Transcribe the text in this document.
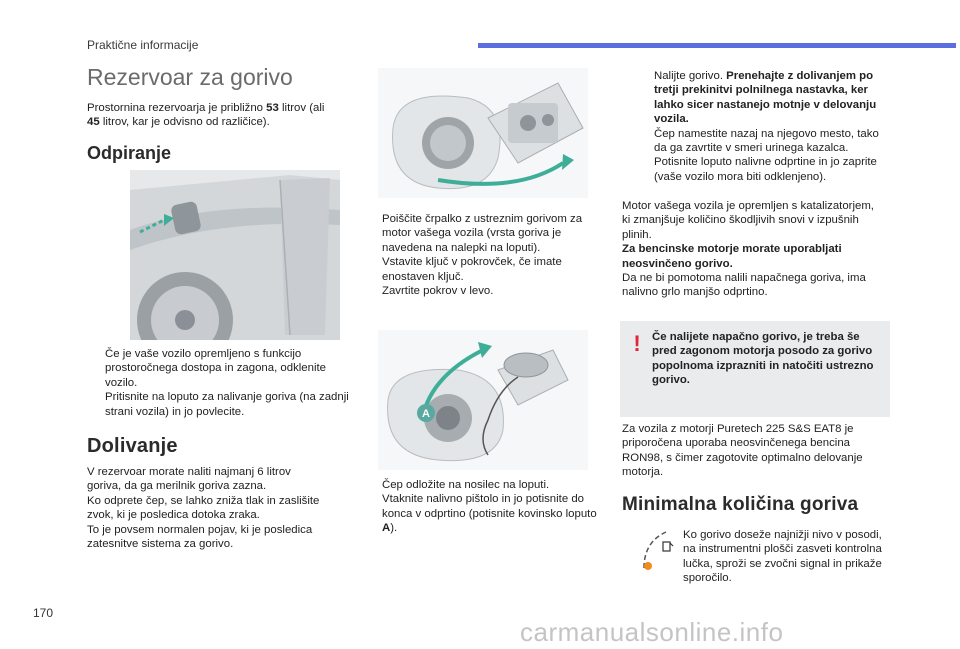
Praktične informacije
Rezervoar za gorivo
Prostornina rezervoarja je približno 53 litrov (ali
45 litrov, kar je odvisno od različice).
Odpiranje
Če je vaše vozilo opremljeno s funkcijo prostoročnega dostopa in zagona, odklenite vozilo.
Pritisnite na loputo za nalivanje goriva (na zadnji strani vozila) in jo povlecite.
Dolivanje
V rezervoar morate naliti najmanj 6 litrov goriva, da ga merilnik goriva zazna.
Ko odprete čep, se lahko zniža tlak in zaslišite zvok, ki je posledica dotoka zraka.
To je povsem normalen pojav, ki je posledica zatesnitve sistema za gorivo.
Poiščite črpalko z ustreznim gorivom za motor vašega vozila (vrsta goriva je navedena na nalepki na loputi).
Vstavite ključ v pokrovček, če imate enostaven ključ.
Zavrtite pokrov v levo.
A
Čep odložite na nosilec na loputi.
Vtaknite nalivno pištolo in jo potisnite do konca v odprtino (potisnite kovinsko loputo A).
Nalijte gorivo. Prenehajte z dolivanjem po tretji prekinitvi polnilnega nastavka, ker lahko sicer nastanejo motnje v delovanju vozila.
Čep namestite nazaj na njegovo mesto, tako da ga zavrtite v smeri urinega kazalca.
Potisnite loputo nalivne odprtine in jo zaprite (vaše vozilo mora biti odklenjeno).
Motor vašega vozila je opremljen s katalizatorjem, ki zmanjšuje količino škodljivih snovi v izpušnih plinih.
Za bencinske motorje morate uporabljati neosvinčeno gorivo.
Da ne bi pomotoma nalili napačnega goriva, ima nalivno grlo manjšo odprtino.
! Če nalijete napačno gorivo, je treba še pred zagonom motorja posodo za gorivo popolnoma izprazniti in natočiti ustrezno gorivo.
Za vozila z motorji Puretech 225 S&S EAT8 je priporočena uporaba neosvinčenega bencina RON98, s čimer zagotovite optimalno delovanje motorja.
Minimalna količina goriva
Ko gorivo doseže najnižji nivo v posodi, na instrumentni plošči zasveti kontrolna lučka, sproži se zvočni signal in prikaže sporočilo.
170
carmanualsonline.info
